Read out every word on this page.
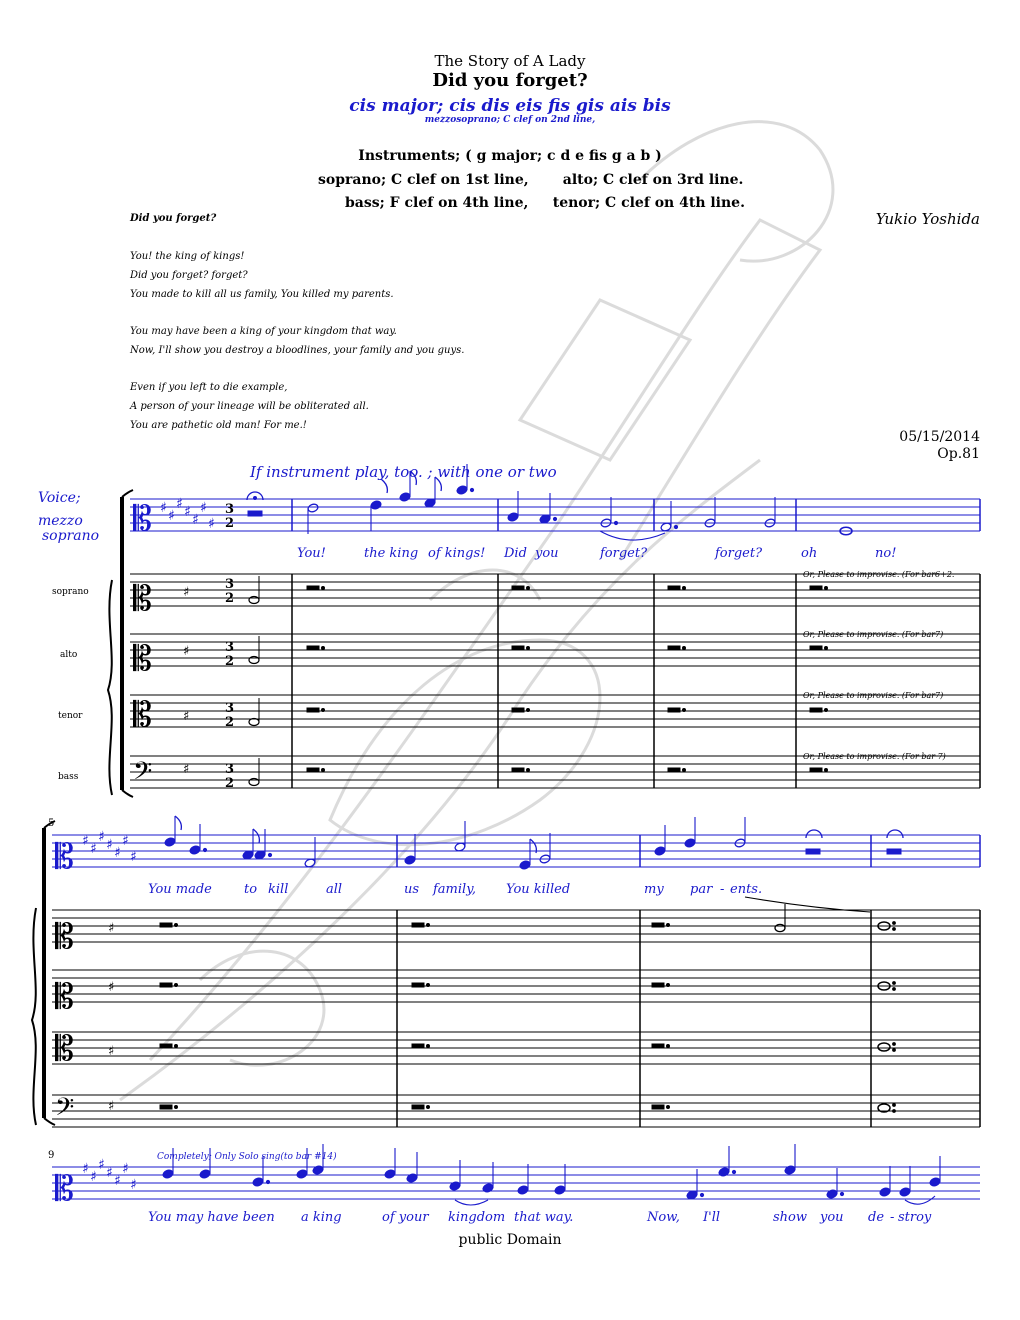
The Story of A Lady
Did you forget?
cis major; cis dis eis fis gis ais bis
mezzosoprano; C clef on 2nd line,
Instruments; ( g major; c d e fis g a b )
soprano; C clef on 1st line,       alto; C clef on 3rd line.
bass; F clef on 4th line,     tenor; C clef on 4th line.
Yukio Yoshida
05/15/2014
Op.81
Did you forget?
You! the king of kings!
Did you forget? forget?
You made to kill all us family, You killed my parents.
You may have been a king of your kingdom that way.
Now, I'll show you destroy a bloodlines, your family and you guys.
Even if you left to die example,
A person of your lineage will be obliterated all.
You are pathetic old man! For me.!
If instrument play, too. ; with one or two
Voice;
mezzo
soprano
soprano
alto
tenor
bass
5
9	Completely; Only Solo sing(to bar #14)
Or, Please to improvise. (For bar6+2.
Or, Please to improvise. (For bar7)
Or, Please to improvise. (For bar7)
Or, Please to improvise. (For bar 7)
You!	the king of kings! Did you	forget?	forget?	oh	no!
You made to kill	all	us family, You killed	my par - ents.
You may have been a king	of your kingdom that way.	Now, I'll	show you de - stroy
public Domain
3
2
3
2
3
2
3
2
3
2
𝄡
𝄡
𝄡
𝄡
𝄢
𝄡
𝄡
𝄡
𝄡
𝄢
𝄡
♯ ♯
♯ ♯ ♯
♯
♯
♯ ♯
♯ ♯ ♯
♯
♯
♯ ♯
♯ ♯ ♯
♯
♯
♯
♯
♯
♯
♯
♯
♯
♯
